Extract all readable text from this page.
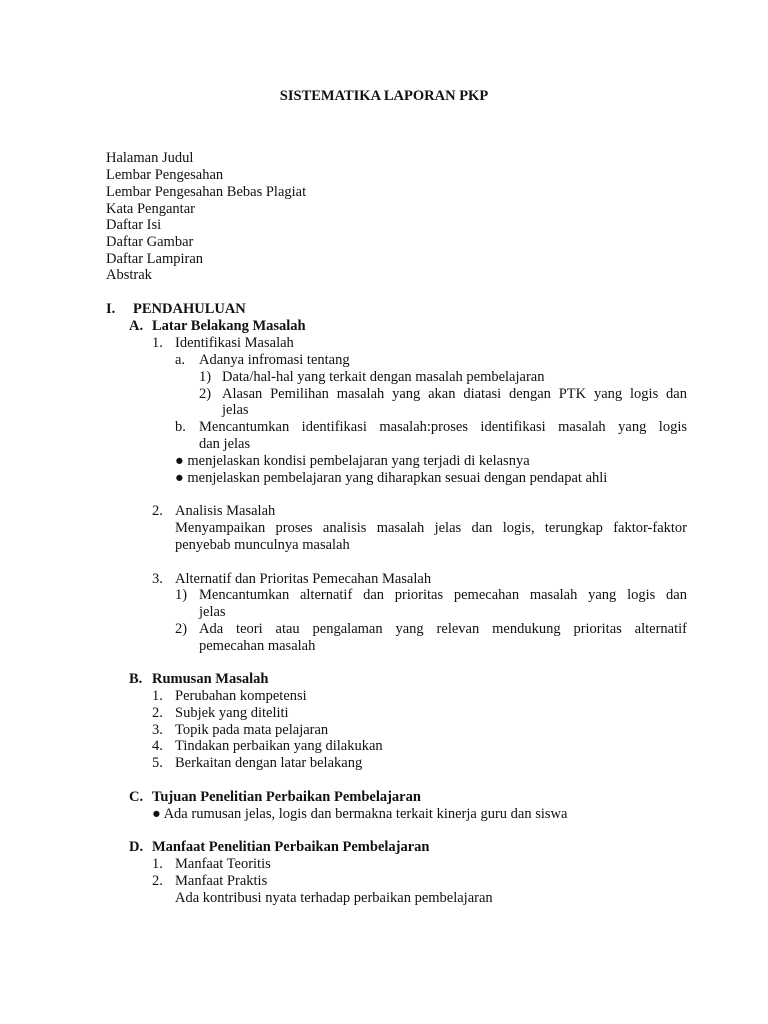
SISTEMATIKA LAPORAN PKP
Halaman Judul
Lembar Pengesahan
Lembar Pengesahan Bebas Plagiat
Kata Pengantar
Daftar Isi
Daftar Gambar
Daftar Lampiran
Abstrak
I. PENDAHULUAN
A. Latar Belakang Masalah
1. Identifikasi Masalah
a. Adanya infromasi tentang
1) Data/hal-hal yang terkait dengan masalah pembelajaran
2) Alasan Pemilihan masalah yang akan diatasi dengan PTK yang logis dan
jelas
b. Mencantumkan identifikasi masalah:proses identifikasi masalah yang logis
dan jelas
● menjelaskan kondisi pembelajaran yang terjadi di kelasnya
● menjelaskan pembelajaran yang diharapkan sesuai dengan pendapat ahli
2. Analisis Masalah
Menyampaikan proses analisis masalah jelas dan logis, terungkap faktor-faktor
penyebab munculnya masalah
3. Alternatif dan Prioritas Pemecahan Masalah
1) Mencantumkan alternatif dan prioritas pemecahan masalah yang logis dan
jelas
2) Ada teori atau pengalaman yang relevan mendukung prioritas alternatif
pemecahan masalah
B. Rumusan Masalah
1. Perubahan kompetensi
2. Subjek yang diteliti
3. Topik pada mata pelajaran
4. Tindakan perbaikan yang dilakukan
5. Berkaitan dengan latar belakang
C. Tujuan Penelitian Perbaikan Pembelajaran
● Ada rumusan jelas, logis dan bermakna terkait kinerja guru dan siswa
D. Manfaat Penelitian Perbaikan Pembelajaran
1. Manfaat Teoritis
2. Manfaat Praktis
Ada kontribusi nyata terhadap perbaikan pembelajaran
